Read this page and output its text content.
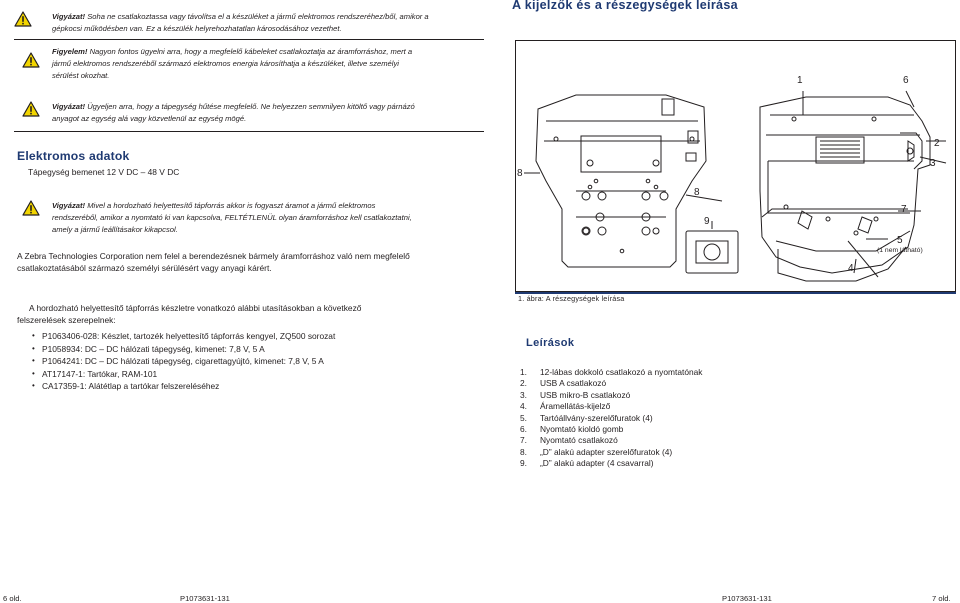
Vigyázat! Soha ne csatlakoztassa vagy távolítsa el a készüléket a jármű elektromos rendszeréhez/ből, amikor a gépkocsi működésben van. Ez a készülék helyrehozhatatlan károsodásához vezethet.
Figyelem! Nagyon fontos ügyelni arra, hogy a megfelelő kábeleket csatlakoztatja az áramforráshoz, mert a jármű elektromos rendszeréből származó elektromos energia károsíthatja a készüléket, illetve személyi sérülést okozhat.
Vigyázat! Ügyeljen arra, hogy a tápegység hűtése megfelelő. Ne helyezzen semmilyen kitöltő vagy párnázó anyagot az egység alá vagy közvetlenül az egység mögé.
Elektromos adatok
Tápegység bemenet 12 V DC – 48 V DC
Vigyázat! Mivel a hordozható helyettesítő tápforrás akkor is fogyaszt áramot a jármű elektromos rendszeréből, amikor a nyomtató ki van kapcsolva, FELTÉTLENÜL olyan áramforráshoz kell csatlakoztatni, amely a jármű leállításakor kikapcsol.
A Zebra Technologies Corporation nem felel a berendezésnek bármely áramforráshoz való nem megfelelő csatlakoztatásából származó személyi sérülésért vagy anyagi kárért.
A hordozható helyettesítő tápforrás készletre vonatkozó alábbi utasításokban a következő felszerelések szerepelnek:
• P1063406-028: Készlet, tartozék helyettesítő tápforrás kengyel, ZQ500 sorozat
• P1058934: DC – DC hálózati tápegység, kimenet: 7,8 V, 5 A
• P1064241: DC – DC hálózati tápegység, cigarettagyújtó, kimenet: 7,8 V, 5 A
• AT17147-1: Tartókar, RAM-101
• CA17359-1: Alátétlap a tartókar felszereléséhez
6 old.	P1073631-131
A kijelzők és a részegységek leírása
1	6
2
3
8
8
9
7
5
(1 nem látható)
4
1. ábra: A részegységek leírása
Leírások
1. 12-lábas dokkoló csatlakozó a nyomtatónak
2. USB A csatlakozó
3. USB mikro-B csatlakozó
4. Áramellátás-kijelző
5. Tartóállvány-szerelőfuratok (4)
6. Nyomtató kioldó gomb
7. Nyomtató csatlakozó
8. „D” alakú adapter szerelőfuratok (4)
9. „D” alakú adapter (4 csavarral)
P1073631-131	7 old.
